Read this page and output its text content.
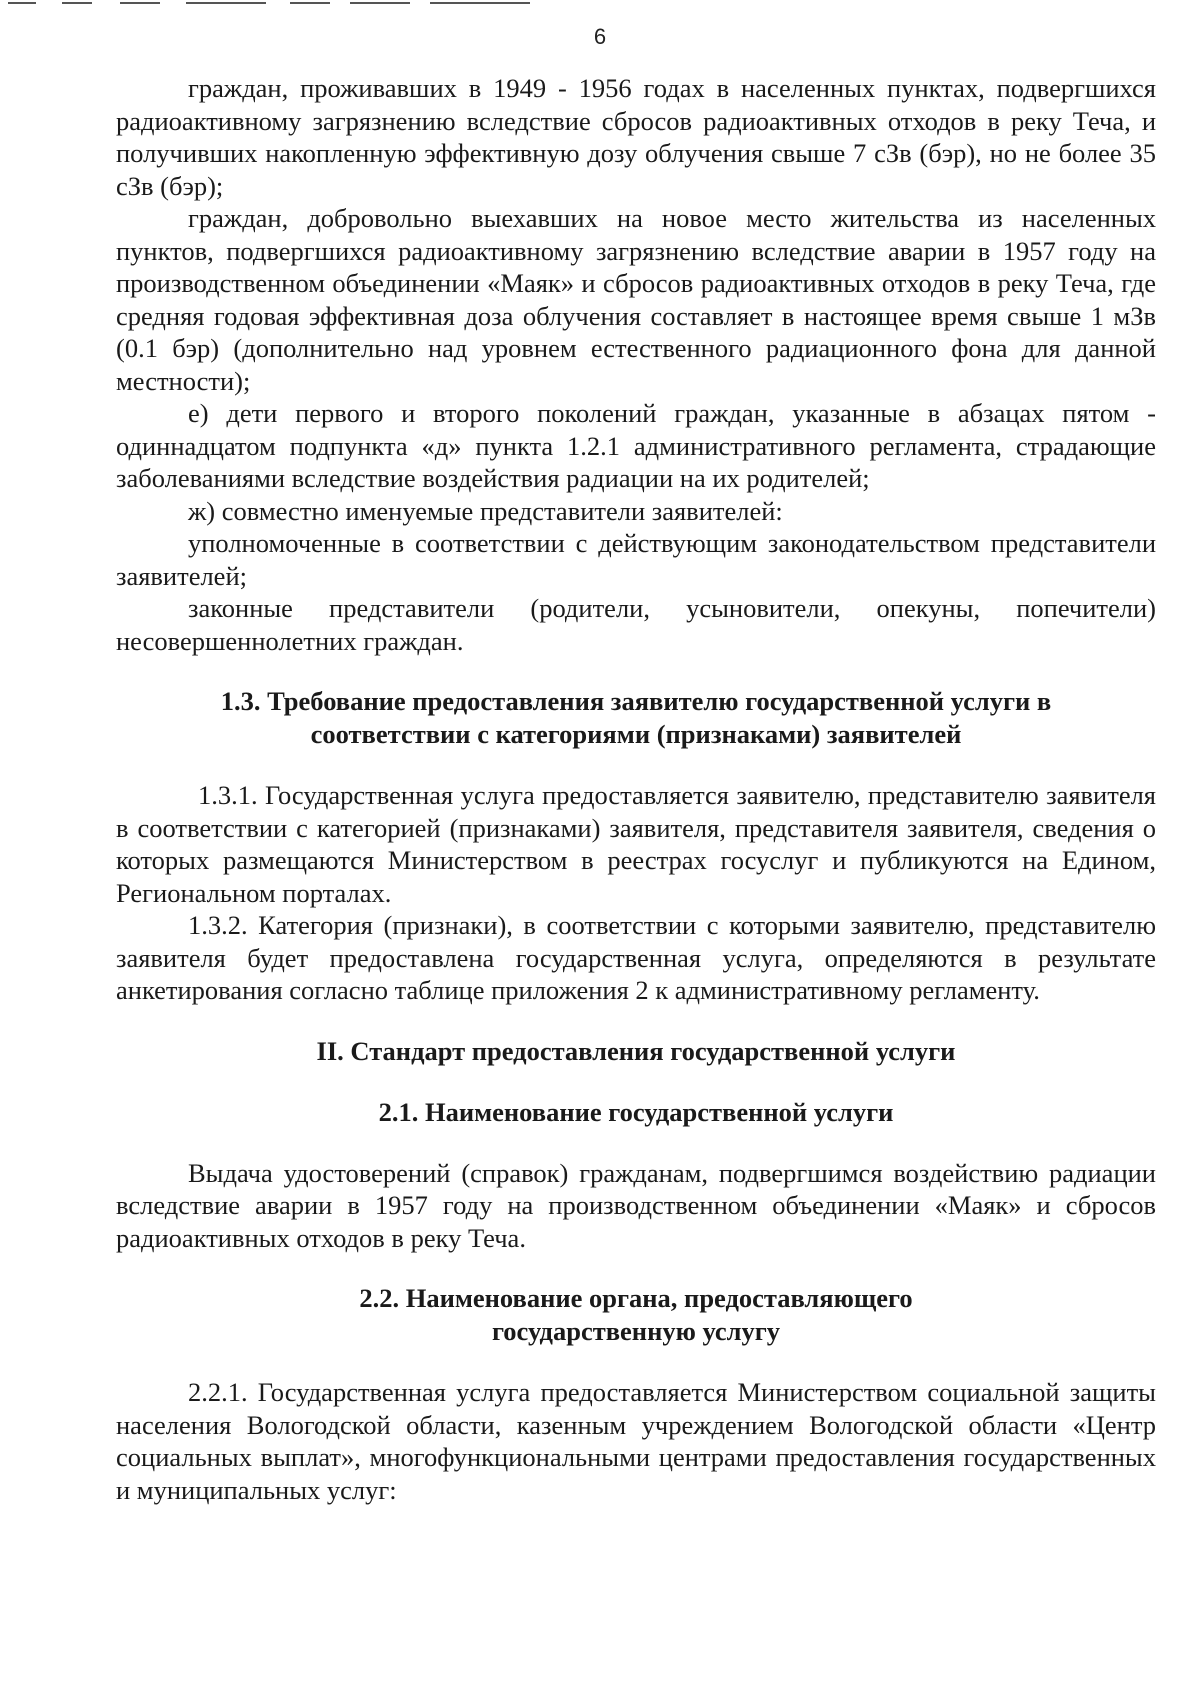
6

граждан, проживавших в 1949 - 1956 годах в населенных пунктах, подвергшихся радиоактивному загрязнению вследствие сбросов радиоактивных отходов в реку Теча, и получивших накопленную эффективную дозу облучения свыше 7 сЗв (бэр), но не более 35 сЗв (бэр);

граждан, добровольно выехавших на новое место жительства из населенных пунктов, подвергшихся радиоактивному загрязнению вследствие аварии в 1957 году на производственном объединении «Маяк» и сбросов радиоактивных отходов в реку Теча, где средняя годовая эффективная доза облучения составляет в настоящее время свыше 1 мЗв (0.1 бэр) (дополнительно над уровнем естественного радиационного фона для данной местности);

е) дети первого и второго поколений граждан, указанные в абзацах пятом - одиннадцатом подпункта «д» пункта 1.2.1 административного регламента, страдающие заболеваниями вследствие воздействия радиации на их родителей;

ж) совместно именуемые представители заявителей:

уполномоченные в соответствии с действующим законодательством представители заявителей;

законные представители (родители, усыновители, опекуны, попечители) несовершеннолетних граждан.

1.3. Требование предоставления заявителю государственной услуги в
соответствии с категориями (признаками) заявителей

1.3.1. Государственная услуга предоставляется заявителю, представителю заявителя в соответствии с категорией (признаками) заявителя, представителя заявителя, сведения о которых размещаются Министерством в реестрах госуслуг и публикуются на Едином, Региональном порталах.

1.3.2. Категория (признаки), в соответствии с которыми заявителю, представителю заявителя будет предоставлена государственная услуга, определяются в результате анкетирования согласно таблице приложения 2 к административному регламенту.

II. Стандарт предоставления государственной услуги

2.1. Наименование государственной услуги

Выдача удостоверений (справок) гражданам, подвергшимся воздействию радиации вследствие аварии в 1957 году на производственном объединении «Маяк» и сбросов радиоактивных отходов в реку Теча.

2.2. Наименование органа, предоставляющего
государственную услугу

2.2.1. Государственная услуга предоставляется Министерством социальной защиты населения Вологодской области, казенным учреждением Вологодской области «Центр социальных выплат», многофункциональными центрами предоставления государственных и муниципальных услуг:
